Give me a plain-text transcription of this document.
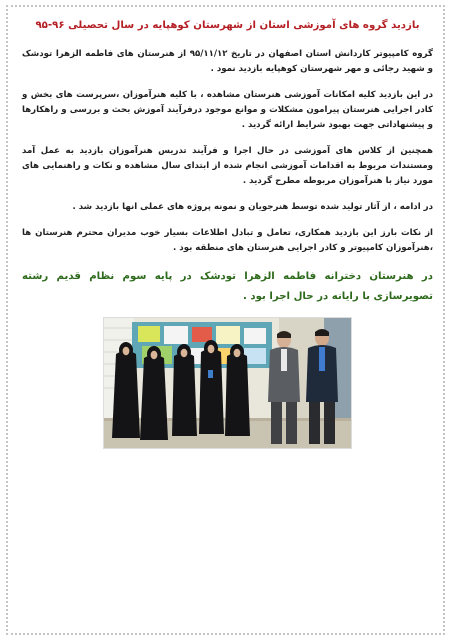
بازدید گروه های آموزشی استان از شهرستان کوهپایه در سال تحصیلی ۹۶-۹۵

گروه کامپیوتر کاردانش استان اصفهان در تاریخ ۹۵/۱۱/۱۲ از هنرستان های فاطمه الزهرا تودشک و شهید رجائی و مهر شهرستان کوهپایه بازدید نمود .

در این بازدید کلیه امکانات آموزشی هنرستان مشاهده ، با کلیه هنرآموزان ،سرپرست های بخش و کادر اجرایی هنرستان پیرامون مشکلات و موانع موجود درفرآیند آموزش بحث و بررسی و راهکارها و پیشنهاداتی جهت بهبود شرایط ارائه گردید .

همچنین از کلاس های آموزشی در حال اجرا و فرآیند تدریس هنرآموزان بازدید به عمل آمد ومستندات مربوط به اقدامات آموزشی انجام شده از ابتدای سال مشاهده و نکات و راهنمایی های مورد نیاز با هنرآموزان مربوطه مطرح گردید .

در ادامه ، از آثار تولید شده توسط هنرجویان و نمونه پروژه های عملی انها بازدید شد .

از نکات بارز این بازدید همکاری، تعامل و تبادل اطلاعات بسیار خوب مدیران محترم هنرستان ها ،هنرآموزان کامپیوتر و کادر اجرایی هنرستان های منطقه بود .

در هنرستان دخترانه فاطمه الزهرا تودشک در پایه سوم نظام قدیم رشته تصویرسازی با رایانه در حال اجرا بود .
